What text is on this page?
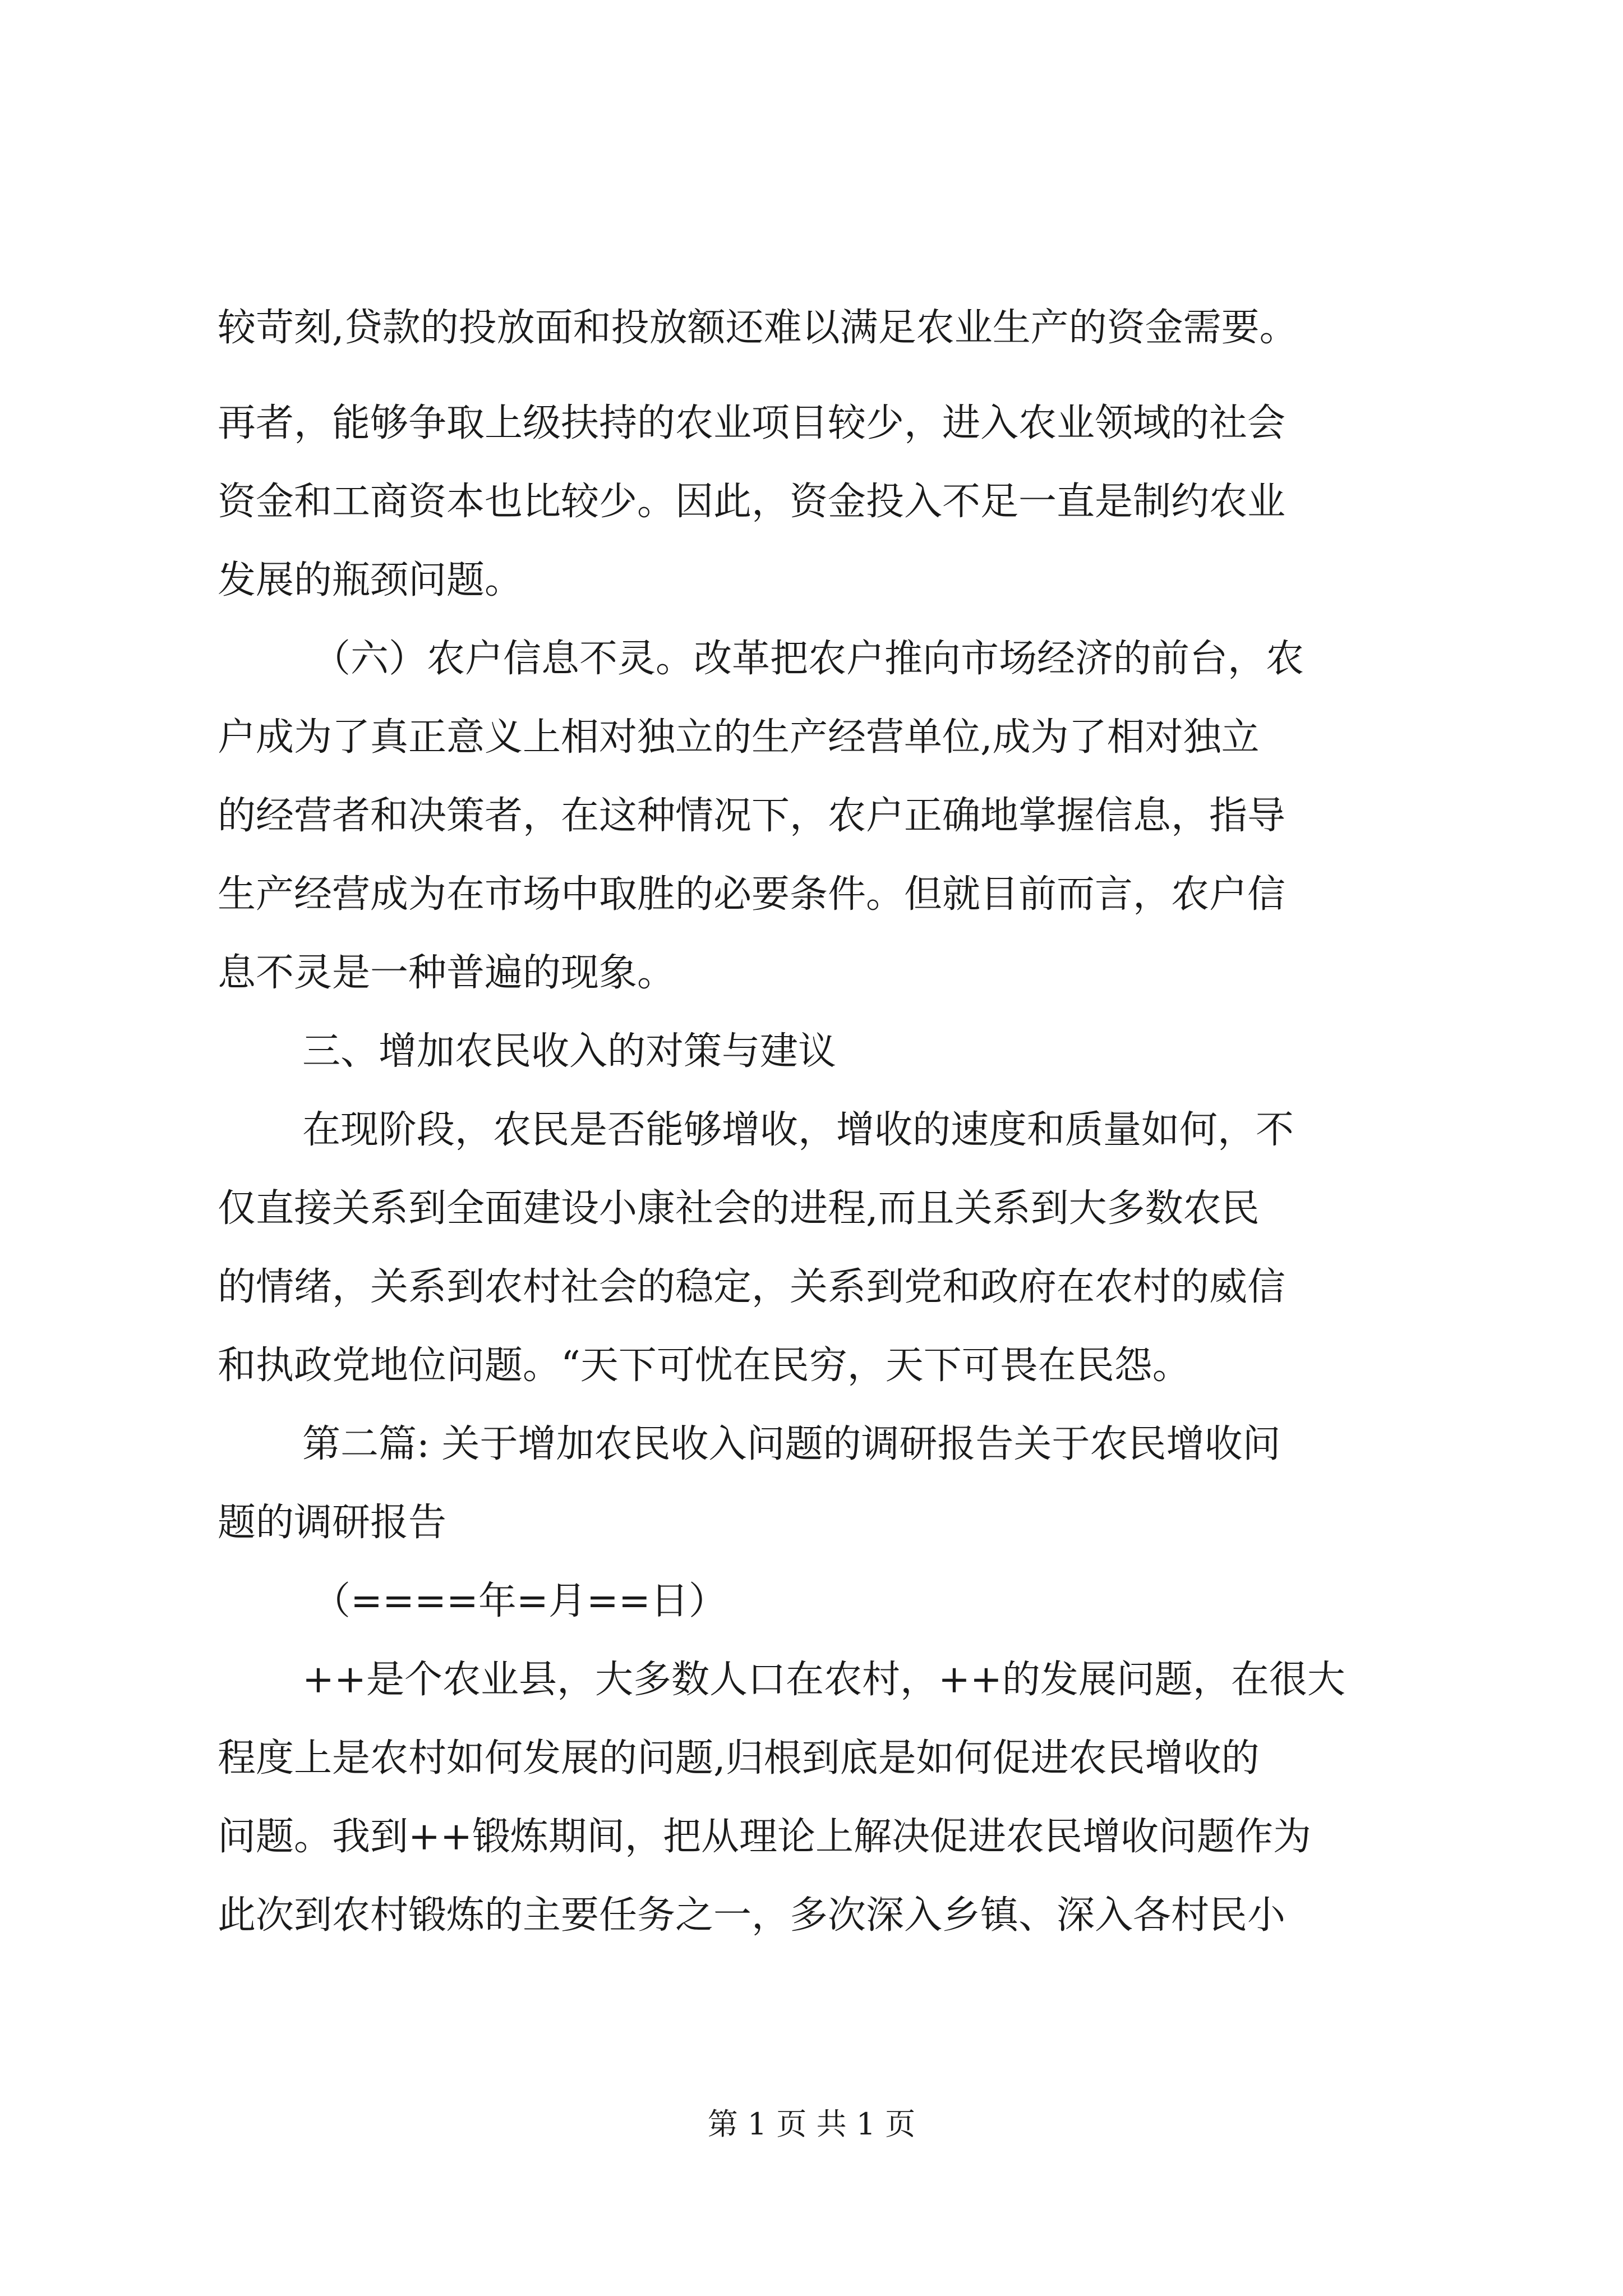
较苛刻,贷款的投放面和投放额还难以满足农业生产的资金需要。
再者，能够争取上级扶持的农业项目较少，进入农业领域的社会
资金和工商资本也比较少。因此，资金投入不足一直是制约农业
发展的瓶颈问题。
（六）农户信息不灵。改革把农户推向市场经济的前台，农
户成为了真正意义上相对独立的生产经营单位,成为了相对独立
的经营者和决策者，在这种情况下，农户正确地掌握信息，指导
生产经营成为在市场中取胜的必要条件。但就目前而言，农户信
息不灵是一种普遍的现象。
三、增加农民收入的对策与建议
在现阶段，农民是否能够增收，增收的速度和质量如何，不
仅直接关系到全面建设小康社会的进程,而且关系到大多数农民
的情绪，关系到农村社会的稳定，关系到党和政府在农村的威信
和执政党地位问题。“天下可忧在民穷，天下可畏在民怨。
第二篇: 关于增加农民收入问题的调研报告关于农民增收问
题的调研报告
（====年=月==日）
++是个农业县，大多数人口在农村，++的发展问题，在很大
程度上是农村如何发展的问题,归根到底是如何促进农民增收的
问题。我到++锻炼期间，把从理论上解决促进农民增收问题作为
此次到农村锻炼的主要任务之一，多次深入乡镇、深入各村民小
第 1 页 共 1 页
